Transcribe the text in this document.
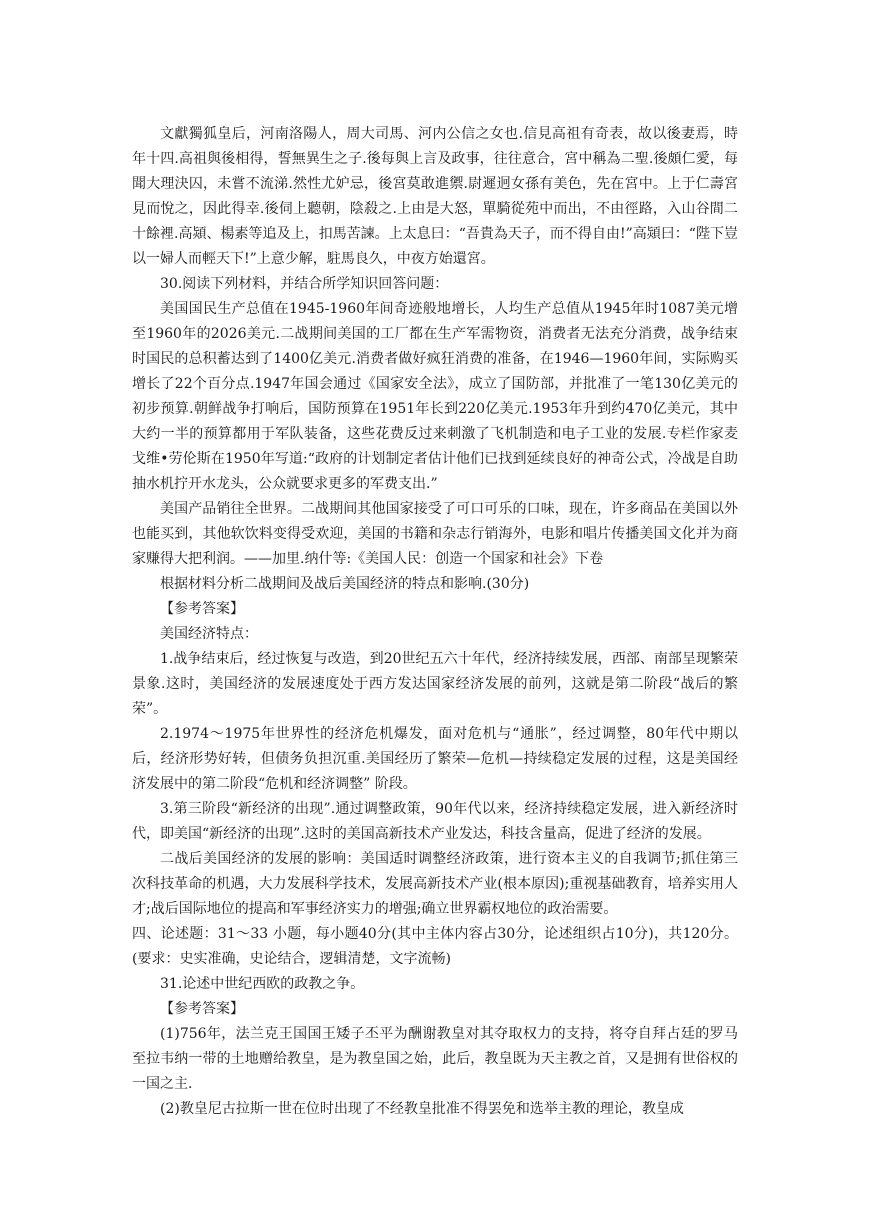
文獻獨狐皇后，河南洛陽人，周大司馬、河内公信之女也.信見高祖有奇表，故以後妻焉，時年十四.高祖與後相得，誓無異生之子.後每與上言及政事，往往意合，宮中稱為二聖.後頗仁愛，每聞大理決囚，未嘗不流涕.然性尤妒忌，後宮莫敢進禦.尉遲迥女孫有美色，先在宮中。上于仁壽宮見而悅之，因此得幸.後伺上聽朝，陰殺之.上由是大怒，單騎從苑中而出，不由徑路，入山谷間二十餘裡.高熲、楊素等追及上，扣馬苦諫。上太息曰：“吾貴為天子，而不得自由!”高熲曰：“陛下豈以一婦人而輕天下!”上意少解，駐馬良久，中夜方始還宮。

30.阅读下列材料，并结合所学知识回答问题：

美国国民生产总值在1945-1960年间奇迹般地增长，人均生产总值从1945年时1087美元增至1960年的2026美元.二战期间美国的工厂都在生产军需物资，消费者无法充分消费，战争结束时国民的总积蓄达到了1400亿美元.消费者做好疯狂消费的准备，在1946—1960年间，实际购买增长了22个百分点.1947年国会通过《国家安全法》，成立了国防部，并批准了一笔130亿美元的初步预算.朝鲜战争打响后，国防预算在1951年长到220亿美元.1953年升到约470亿美元，其中大约一半的预算都用于军队装备，这些花费反过来刺激了飞机制造和电子工业的发展.专栏作家麦戈维•劳伦斯在1950年写道:“政府的计划制定者估计他们已找到延续良好的神奇公式，冷战是自助抽水机拧开水龙头，公众就要求更多的军费支出.”

美国产品销往全世界。二战期间其他国家接受了可口可乐的口味，现在，许多商品在美国以外也能买到，其他软饮料变得受欢迎，美国的书籍和杂志行销海外，电影和唱片传播美国文化并为商家赚得大把利润。——加里.纳什等:《美国人民：创造一个国家和社会》下卷

根据材料分析二战期间及战后美国经济的特点和影响.(30分)

【参考答案】

美国经济特点：

1.战争结束后，经过恢复与改造，到20世纪五六十年代，经济持续发展，西部、南部呈现繁荣景象.这时，美国经济的发展速度处于西方发达国家经济发展的前列，这就是第二阶段“战后的繁荣”。

2.1974～1975年世界性的经济危机爆发，面对危机与“通胀”，经过调整，80年代中期以后，经济形势好转，但债务负担沉重.美国经历了繁荣—危机—持续稳定发展的过程，这是美国经济发展中的第二阶段“危机和经济调整” 阶段。

3.第三阶段“新经济的出现”.通过调整政策，90年代以来，经济持续稳定发展，进入新经济时代，即美国“新经济的出现”.这时的美国高新技术产业发达，科技含量高，促进了经济的发展。

二战后美国经济的发展的影响：美国适时调整经济政策，进行资本主义的自我调节;抓住第三次科技革命的机遇，大力发展科学技术，发展高新技术产业(根本原因);重视基础教育，培养实用人才;战后国际地位的提高和军事经济实力的增强;确立世界霸权地位的政治需要。

四、论述题：31～33 小题，每小题40分(其中主体内容占30分，论述组织占10分)，共120分。(要求：史实准确，史论结合，逻辑清楚，文字流畅)

31.论述中世纪西欧的政教之争。

【参考答案】

(1)756年，法兰克王国国王矮子丕平为酬谢教皇对其夺取权力的支持，将夺自拜占廷的罗马至拉韦纳一带的土地赠给教皇，是为教皇国之始，此后，教皇既为天主教之首，又是拥有世俗权的一国之主.

(2)教皇尼古拉斯一世在位时出现了不经教皇批准不得罢免和选举主教的理论，教皇成
